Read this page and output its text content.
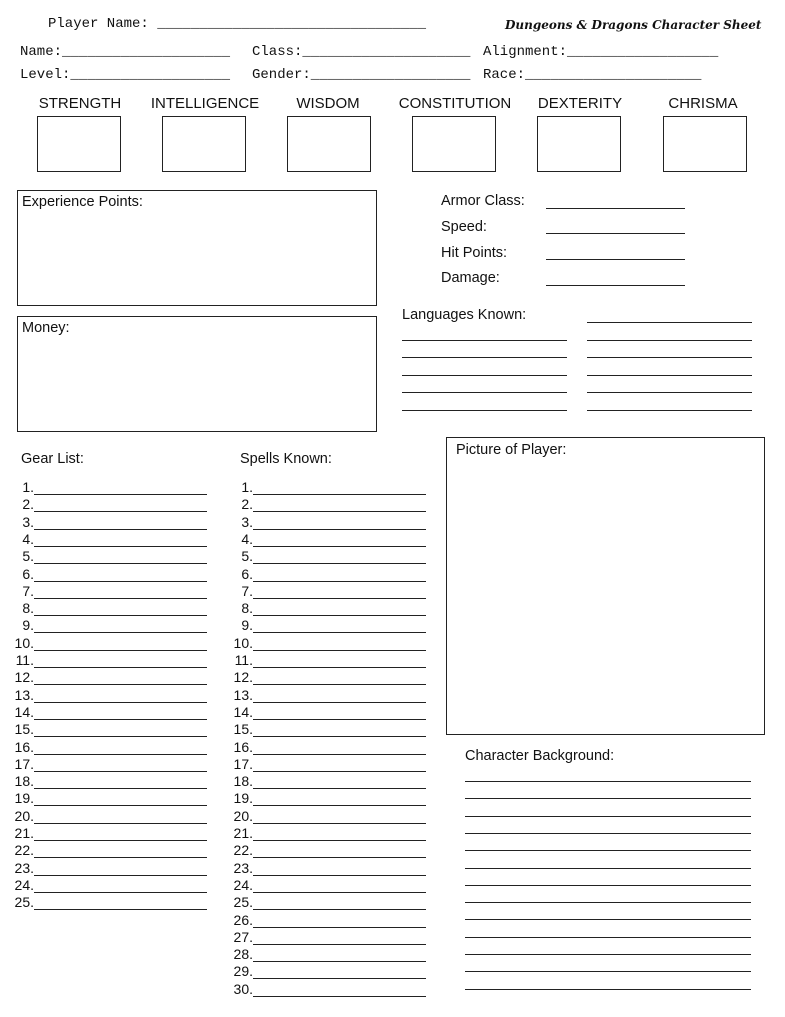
Player Name: ________________________________	Dungeons & Dragons Character Sheet
Name:____________________ Class:____________________ Alignment:__________________
Level:___________________ Gender:___________________ Race:_____________________
STRENGTH	INTELLIGENCE	WISDOM	CONSTITUTION	DEXTERITY	CHRISMA
Experience Points:
Money:
Armor Class:
Speed:
Hit Points:
Damage:
Languages Known:
Gear List:
1.
2.
3.
4.
5.
6.
7.
8.
9.
10.
11.
12.
13.
14.
15.
16.
17.
18.
19.
20.
21.
22.
23.
24.
25.
Spells Known:
1.
2.
3.
4.
5.
6.
7.
8.
9.
10.
11.
12.
13.
14.
15.
16.
17.
18.
19.
20.
21.
22.
23.
24.
25.
26.
27.
28.
29.
30.
Picture of Player:
Character Background:
